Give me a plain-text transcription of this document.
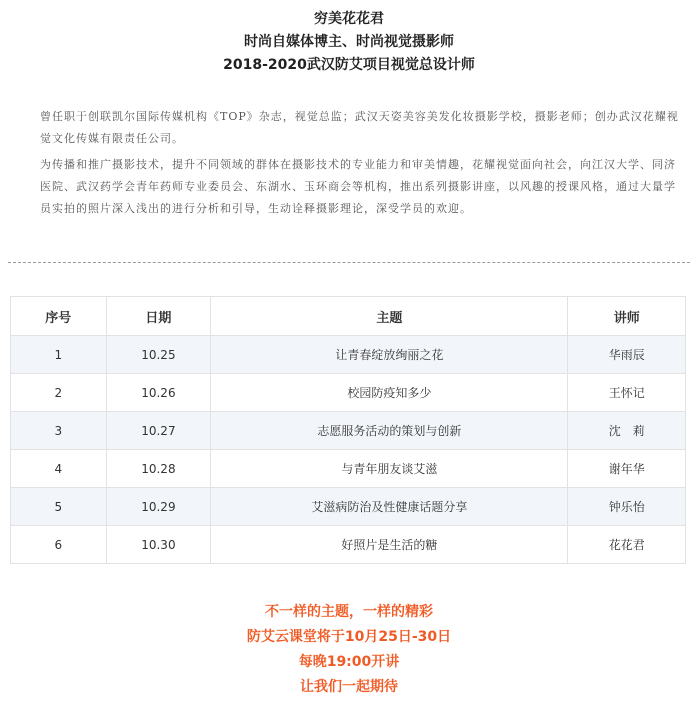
穷美花花君
时尚自媒体博主、时尚视觉摄影师
2018-2020武汉防艾项目视觉总设计师

曾任职于创联凯尔国际传媒机构《TOP》杂志，视觉总监；武汉天姿美容美发化妆摄影学校，摄影老师；创办武汉花耀视觉文化传媒有限责任公司。

为传播和推广摄影技术，提升不同领域的群体在摄影技术的专业能力和审美情趣，花耀视觉面向社会，向江汉大学、同济医院、武汉药学会青年药师专业委员会、东湖水、玉环商会等机构，推出系列摄影讲座，以风趣的授课风格，通过大量学员实拍的照片深入浅出的进行分析和引导，生动诠释摄影理论，深受学员的欢迎。

序号	日期	主题	讲师
1	10.25	让青春绽放绚丽之花	华雨辰
2	10.26	校园防疫知多少	王怀记
3	10.27	志愿服务活动的策划与创新	沈　莉
4	10.28	与青年朋友谈艾滋	谢年华
5	10.29	艾滋病防治及性健康话题分享	钟乐怡
6	10.30	好照片是生活的糖	花花君
不一样的主题，一样的精彩
防艾云课堂将于10月25日-30日
每晚19:00开讲
让我们一起期待
